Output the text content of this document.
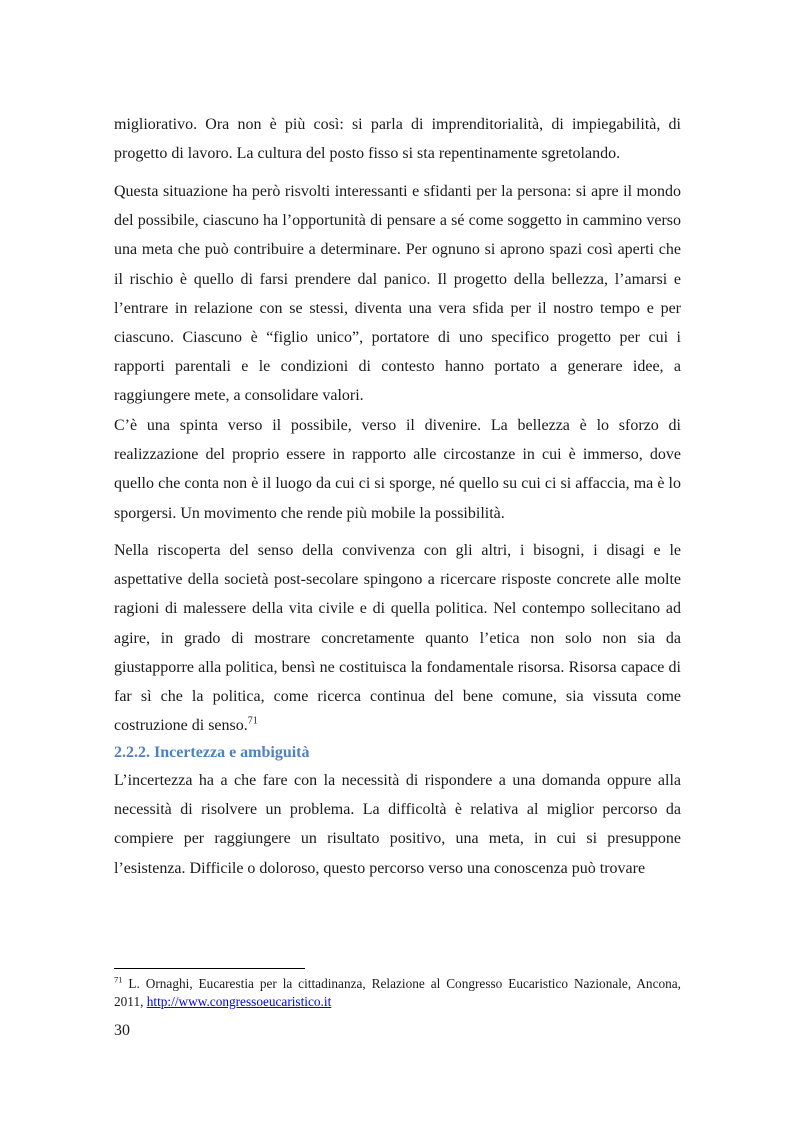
migliorativo. Ora non è più così: si parla di imprenditorialità, di impiegabilità, di progetto di lavoro. La cultura del posto fisso si sta repentinamente sgretolando.

Questa situazione ha però risvolti interessanti e sfidanti per la persona: si apre il mondo del possibile, ciascuno ha l’opportunità di pensare a sé come soggetto in cammino verso una meta che può contribuire a determinare. Per ognuno si aprono spazi così aperti che il rischio è quello di farsi prendere dal panico. Il progetto della bellezza, l’amarsi e l’entrare in relazione con se stessi, diventa una vera sfida per il nostro tempo e per ciascuno. Ciascuno è “figlio unico”, portatore di uno specifico progetto per cui i rapporti parentali e le condizioni di contesto hanno portato a generare idee, a raggiungere mete, a consolidare valori.

C’è una spinta verso il possibile, verso il divenire. La bellezza è lo sforzo di realizzazione del proprio essere in rapporto alle circostanze in cui è immerso, dove quello che conta non è il luogo da cui ci si sporge, né quello su cui ci si affaccia, ma è lo sporgersi. Un movimento che rende più mobile la possibilità.

Nella riscoperta del senso della convivenza con gli altri, i bisogni, i disagi e le aspettative della società post-secolare spingono a ricercare risposte concrete alle molte ragioni di malessere della vita civile e di quella politica. Nel contempo sollecitano ad agire, in grado di mostrare concretamente quanto l’etica non solo non sia da giustapporre alla politica, bensì ne costituisca la fondamentale risorsa. Risorsa capace di far sì che la politica, come ricerca continua del bene comune, sia vissuta come costruzione di senso.$^{71}$

2.2.2. Incertezza e ambiguità

L’incertezza ha a che fare con la necessità di rispondere a una domanda oppure alla necessità di risolvere un problema. La difficoltà è relativa al miglior percorso da compiere per raggiungere un risultato positivo, una meta, in cui si presuppone l’esistenza. Difficile o doloroso, questo percorso verso una conoscenza può trovare

$^{71}$ L. Ornaghi, Eucarestia per la cittadinanza, Relazione al Congresso Eucaristico Nazionale, Ancona, 2011, http://www.congressoeucaristico.it

30
